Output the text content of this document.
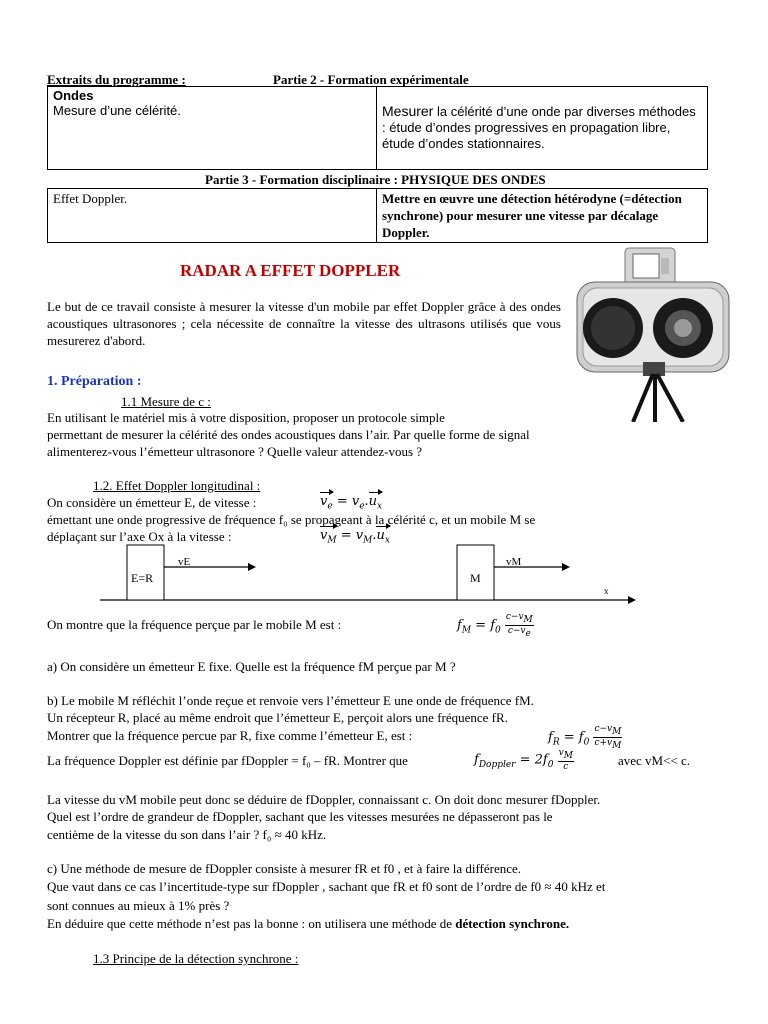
Extraits du programme :	Partie 2 - Formation expérimentale
Ondes
Mesure d’une célérité.	Mesurer la célérité d’une onde par diverses méthodes : étude d’ondes progressives en propagation libre, étude d’ondes stationnaires.
Partie 3 - Formation disciplinaire : PHYSIQUE DES ONDES
Effet Doppler.	Mettre en œuvre une détection hétérodyne (=détection synchrone) pour mesurer une vitesse par décalage Doppler.
RADAR A EFFET DOPPLER
Le but de ce travail consiste à mesurer la vitesse d'un mobile par effet Doppler grâce à des ondes acoustiques ultrasonores ; cela nécessite de connaître la vitesse des ultrasons utilisés que vous mesurerez d'abord.
1. Préparation :
1.1 Mesure de c :
En utilisant le matériel mis à votre disposition, proposer un protocole simple
permettant de mesurer la célérité des ondes acoustiques dans l’air. Par quelle forme de signal
alimenterez-vous l’émetteur ultrasonore ? Quelle valeur attendez-vous ?
1.2. Effet Doppler longitudinal :
On considère un émetteur E, de vitesse :	$v_e = v_e.u_x$
émettant une onde progressive de fréquence f₀ se propageant à la célérité c, et un mobile M se
déplaçant sur l’axe Ox à la vitesse :	$v_M = v_M.u_x$
E=R	M
vE	vM
x
On montre que la fréquence perçue par le mobile M est :	$f_M = f_0 \frac{c-v_M}{c-v_e}$
a) On considère un émetteur E fixe. Quelle est la fréquence fM perçue par M ?
b) Le mobile M réfléchit l’onde reçue et renvoie vers l’émetteur E une onde de fréquence fM.
Un récepteur R, placé au même endroit que l’émetteur E, perçoit alors une fréquence fR.
Montrer que la fréquence percue par R, fixe comme l’émetteur E, est :	$f_R = f_0 \frac{c-v_M}{c+v_M}$
La fréquence Doppler est définie par fDoppler = f₀ – fR. Montrer que	$f_{Doppler} = 2f_0 \frac{v_M}{c}$	avec vM<< c.
La vitesse du vM mobile peut donc se déduire de fDoppler, connaissant c. On doit donc mesurer fDoppler.
Quel est l’ordre de grandeur de fDoppler, sachant que les vitesses mesurées ne dépasseront pas le
centième de la vitesse du son dans l’air ? f₀ ≈ 40 kHz.
c) Une méthode de mesure de fDoppler consiste à mesurer fR et f0 , et à faire la différence.
Que vaut dans ce cas l’incertitude-type sur fDoppler , sachant que fR et f0 sont de l’ordre de f0 ≈ 40 kHz et
sont connues au mieux à 1% près ?
En déduire que cette méthode n’est pas la bonne : on utilisera une méthode de détection synchrone.
1.3 Principe de la détection synchrone :
